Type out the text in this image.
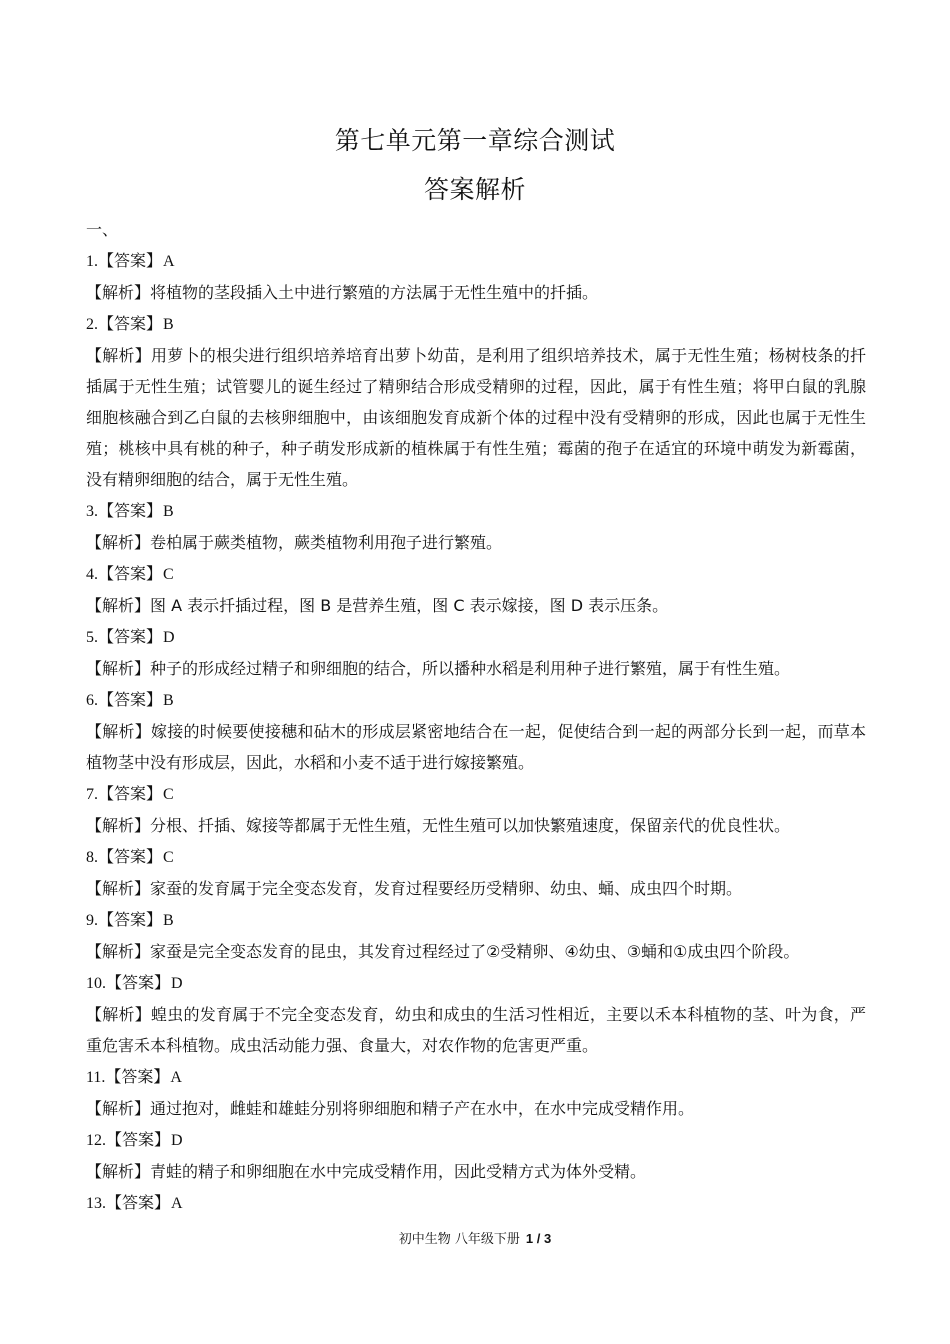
第七单元第一章综合测试
答案解析
一、
1.【答案】A
【解析】将植物的茎段插入土中进行繁殖的方法属于无性生殖中的扦插。
2.【答案】B
【解析】用萝卜的根尖进行组织培养培育出萝卜幼苗，是利用了组织培养技术，属于无性生殖；杨树枝条的扦插属于无性生殖；试管婴儿的诞生经过了精卵结合形成受精卵的过程，因此，属于有性生殖；将甲白鼠的乳腺细胞核融合到乙白鼠的去核卵细胞中，由该细胞发育成新个体的过程中没有受精卵的形成，因此也属于无性生殖；桃核中具有桃的种子，种子萌发形成新的植株属于有性生殖；霉菌的孢子在适宜的环境中萌发为新霉菌，没有精卵细胞的结合，属于无性生殖。
3.【答案】B
【解析】卷柏属于蕨类植物，蕨类植物利用孢子进行繁殖。
4.【答案】C
【解析】图 A 表示扦插过程，图 B 是营养生殖，图 C 表示嫁接，图 D 表示压条。
5.【答案】D
【解析】种子的形成经过精子和卵细胞的结合，所以播种水稻是利用种子进行繁殖，属于有性生殖。
6.【答案】B
【解析】嫁接的时候要使接穗和砧木的形成层紧密地结合在一起，促使结合到一起的两部分长到一起，而草本植物茎中没有形成层，因此，水稻和小麦不适于进行嫁接繁殖。
7.【答案】C
【解析】分根、扦插、嫁接等都属于无性生殖，无性生殖可以加快繁殖速度，保留亲代的优良性状。
8.【答案】C
【解析】家蚕的发育属于完全变态发育，发育过程要经历受精卵、幼虫、蛹、成虫四个时期。
9.【答案】B
【解析】家蚕是完全变态发育的昆虫，其发育过程经过了②受精卵、④幼虫、③蛹和①成虫四个阶段。
10.【答案】D
【解析】蝗虫的发育属于不完全变态发育，幼虫和成虫的生活习性相近，主要以禾本科植物的茎、叶为食，严重危害禾本科植物。成虫活动能力强、食量大，对农作物的危害更严重。
11.【答案】A
【解析】通过抱对，雌蛙和雄蛙分别将卵细胞和精子产在水中，在水中完成受精作用。
12.【答案】D
【解析】青蛙的精子和卵细胞在水中完成受精作用，因此受精方式为体外受精。
13.【答案】A
初中生物 八年级下册 1 / 3
